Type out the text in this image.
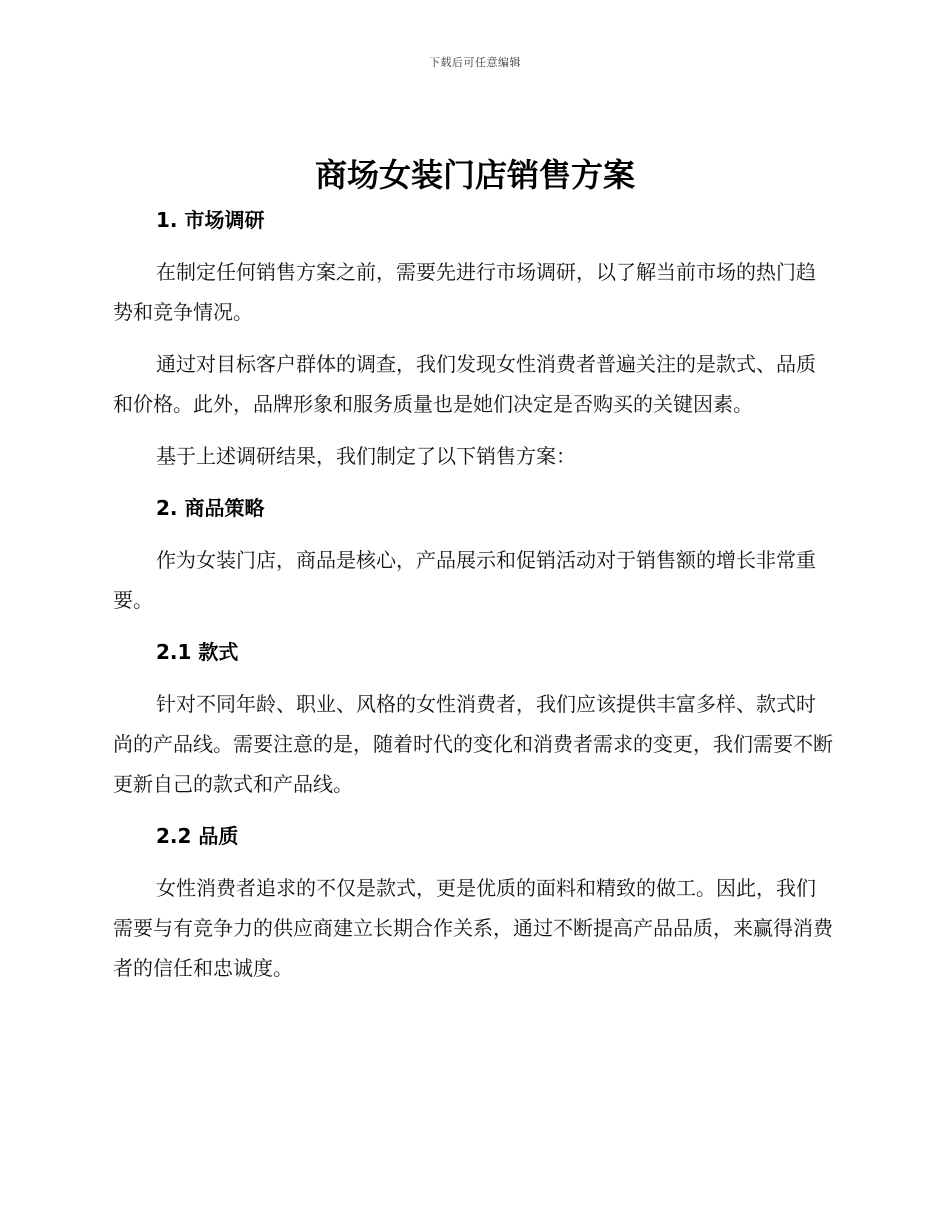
下载后可任意编辑
商场女装门店销售方案
1. 市场调研

在制定任何销售方案之前，需要先进行市场调研，以了解当前市场的热门趋势和竞争情况。

通过对目标客户群体的调查，我们发现女性消费者普遍关注的是款式、品质和价格。此外，品牌形象和服务质量也是她们决定是否购买的关键因素。

基于上述调研结果，我们制定了以下销售方案：

2. 商品策略

作为女装门店，商品是核心，产品展示和促销活动对于销售额的增长非常重要。

2.1 款式

针对不同年龄、职业、风格的女性消费者，我们应该提供丰富多样、款式时尚的产品线。需要注意的是，随着时代的变化和消费者需求的变更，我们需要不断更新自己的款式和产品线。

2.2 品质

女性消费者追求的不仅是款式，更是优质的面料和精致的做工。因此，我们需要与有竞争力的供应商建立长期合作关系，通过不断提高产品品质，来赢得消费者的信任和忠诚度。
